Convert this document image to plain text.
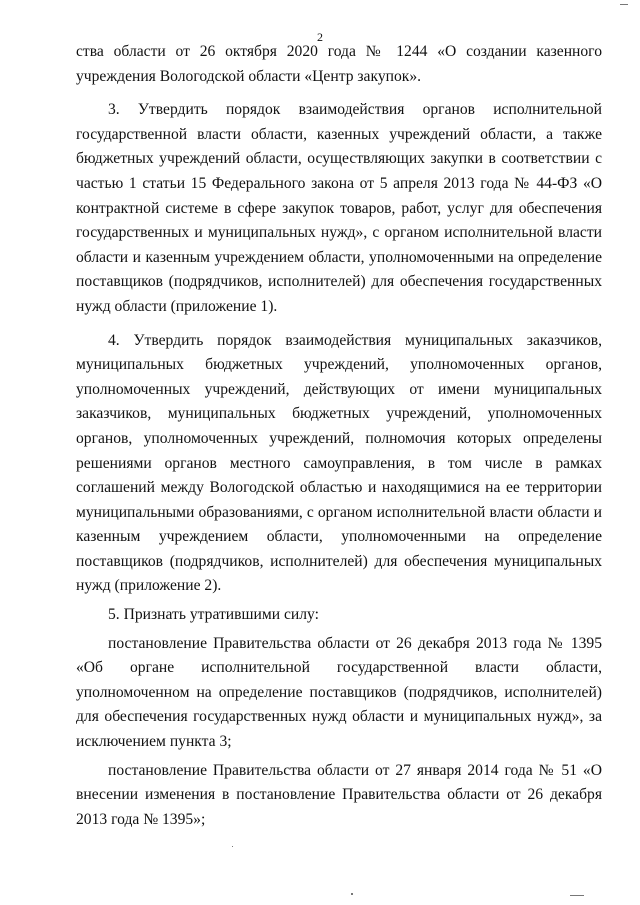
2

ства области от 26 октября 2020 года № 1244 «О создании казенного учреждения Вологодской области «Центр закупок».

3. Утвердить порядок взаимодействия органов исполнительной государственной власти области, казенных учреждений области, а также бюджетных учреждений области, осуществляющих закупки в соответствии с частью 1 статьи 15 Федерального закона от 5 апреля 2013 года № 44-ФЗ «О контрактной системе в сфере закупок товаров, работ, услуг для обеспечения государственных и муниципальных нужд», с органом исполнительной власти области и казенным учреждением области, уполномоченными на определение поставщиков (подрядчиков, исполнителей) для обеспечения государственных нужд области (приложение 1).

4. Утвердить порядок взаимодействия муниципальных заказчиков, муниципальных бюджетных учреждений, уполномоченных органов, уполномоченных учреждений, действующих от имени муниципальных заказчиков, муниципальных бюджетных учреждений, уполномоченных органов, уполномоченных учреждений, полномочия которых определены решениями органов местного самоуправления, в том числе в рамках соглашений между Вологодской областью и находящимися на ее территории муниципальными образованиями, с органом исполнительной власти области и казенным учреждением области, уполномоченными на определение поставщиков (подрядчиков, исполнителей) для обеспечения муниципальных нужд (приложение 2).

5. Признать утратившими силу:

постановление Правительства области от 26 декабря 2013 года № 1395 «Об органе исполнительной государственной власти области, уполномоченном на определение поставщиков (подрядчиков, исполнителей) для обеспечения государственных нужд области и муниципальных нужд», за исключением пункта 3;

постановление Правительства области от 27 января 2014 года № 51 «О внесении изменения в постановление Правительства области от 26 декабря 2013 года № 1395»;
